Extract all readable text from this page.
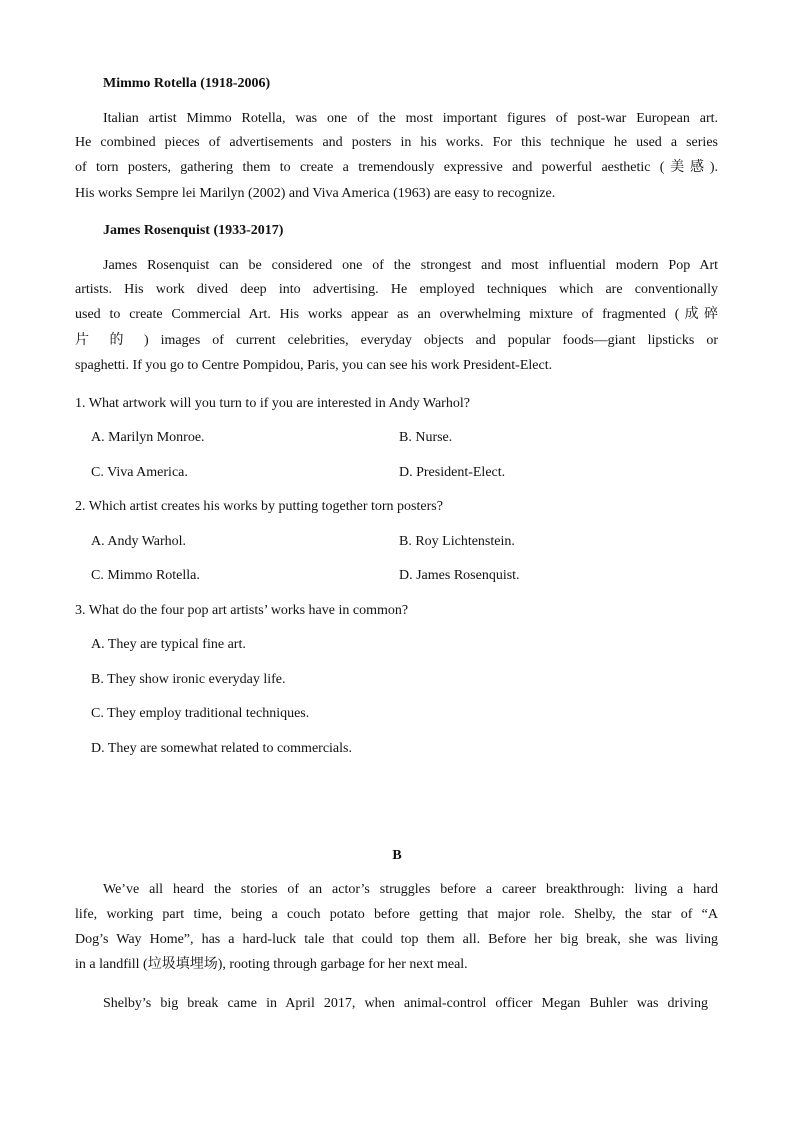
Mimmo Rotella (1918-2006)
Italian artist Mimmo Rotella, was one of the most important figures of post-war European art.
He combined pieces of advertisements and posters in his works. For this technique he used a series
of torn posters, gathering them to create a tremendously expressive and powerful aesthetic (美感).
His works Sempre lei Marilyn (2002) and Viva America (1963) are easy to recognize.
James Rosenquist (1933-2017)
James Rosenquist can be considered one of the strongest and most influential modern Pop Art
artists. His work dived deep into advertising. He employed techniques which are conventionally
used to create Commercial Art. His works appear as an overwhelming mixture of fragmented (成碎
片 的 ) images of current celebrities, everyday objects and popular foods—giant lipsticks or
spaghetti. If you go to Centre Pompidou, Paris, you can see his work President-Elect.
1. What artwork will you turn to if you are interested in Andy Warhol?
A. Marilyn Monroe.	B. Nurse.
C. Viva America.	D. President-Elect.
2. Which artist creates his works by putting together torn posters?
A. Andy Warhol.	B. Roy Lichtenstein.
C. Mimmo Rotella.	D. James Rosenquist.
3. What do the four pop art artists’ works have in common?
A. They are typical fine art.
B. They show ironic everyday life.
C. They employ traditional techniques.
D. They are somewhat related to commercials.
B
We’ve all heard the stories of an actor’s struggles before a career breakthrough: living a hard
life, working part time, being a couch potato before getting that major role. Shelby, the star of “A
Dog’s Way Home”, has a hard-luck tale that could top them all. Before her big break, she was living
in a landfill (垃圾填埋场), rooting through garbage for her next meal.
Shelby’s big break came in April 2017, when animal-control officer Megan Buhler was driving
